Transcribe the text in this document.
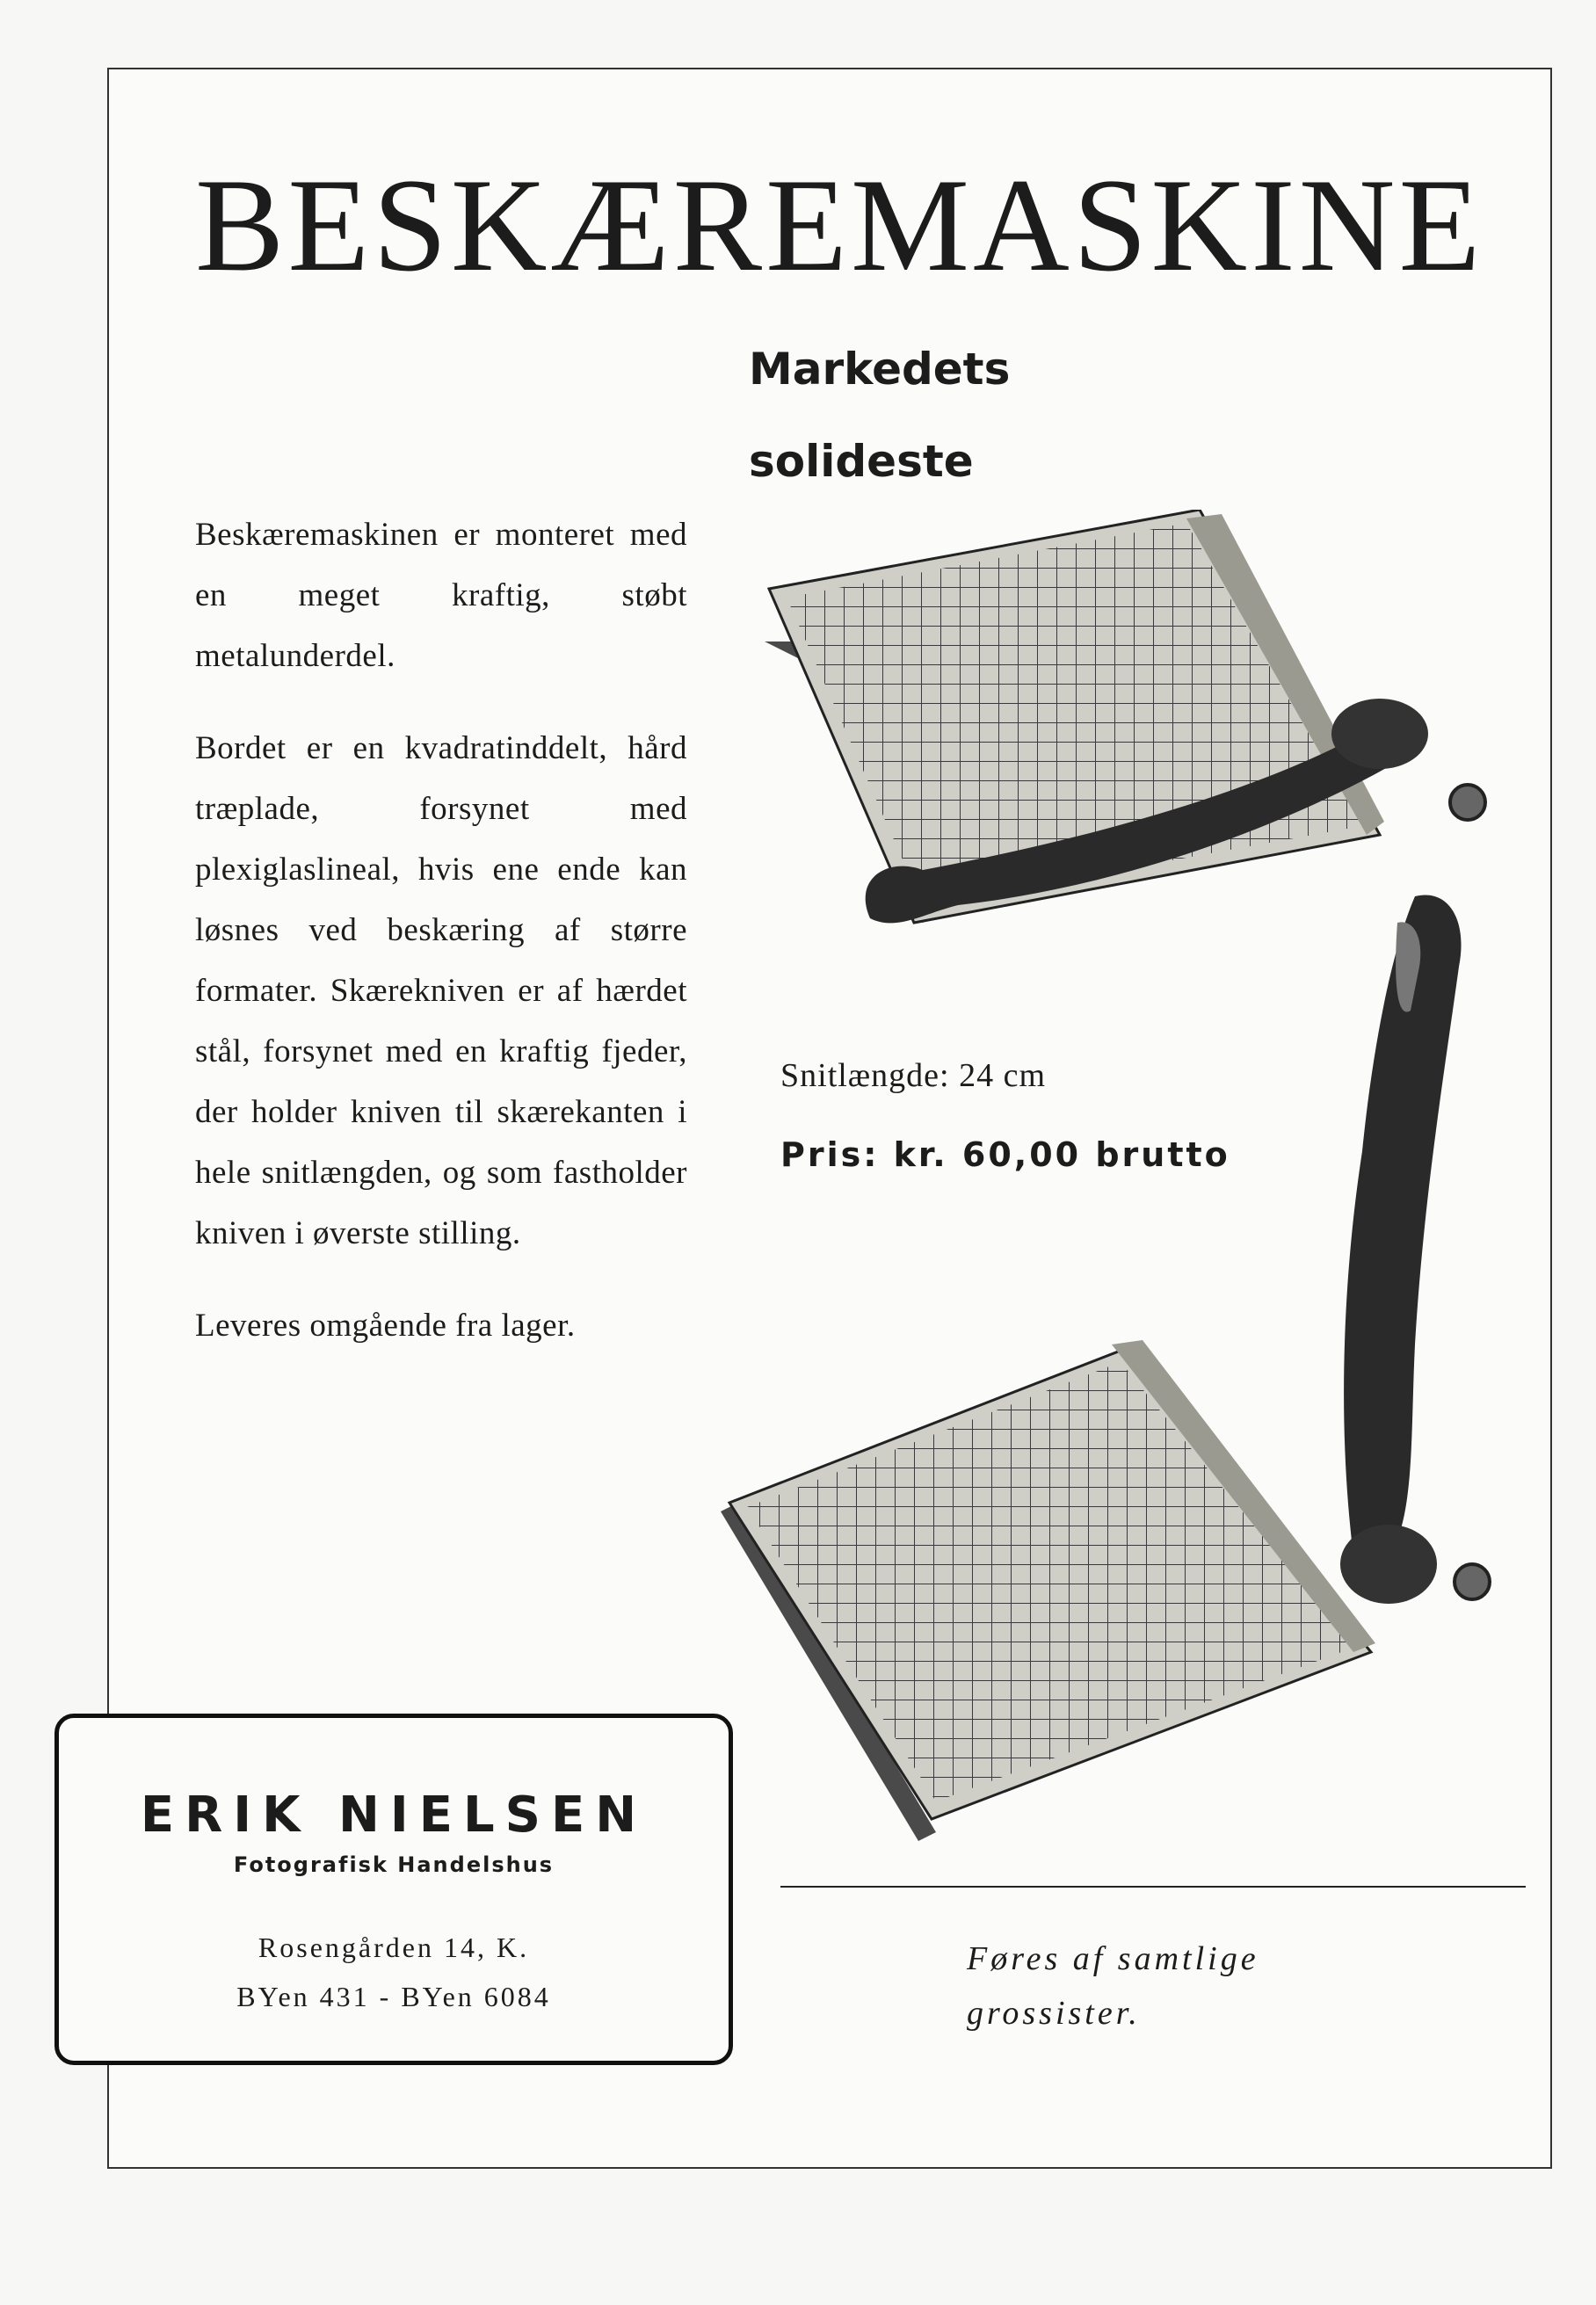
BESKÆREMASKINE
Markedets
solideste

Beskæremaskinen er monteret med en meget kraftig, støbt metalunderdel.

Bordet er en kvadratinddelt, hård træplade, forsynet med plexiglaslineal, hvis ene ende kan løsnes ved beskæring af større formater. Skærekniven er af hærdet stål, forsynet med en kraftig fjeder, der holder kniven til skærekanten i hele snitlængden, og som fastholder kniven i øverste stilling.

Leveres omgående fra lager.

Snitlængde: 24 cm

Pris: kr. 60,00 brutto

ERIK NIELSEN

Fotografisk Handelshus

Rosengården 14, K.
BYen 431 - BYen 6084

Føres af samtlige
grossister.
